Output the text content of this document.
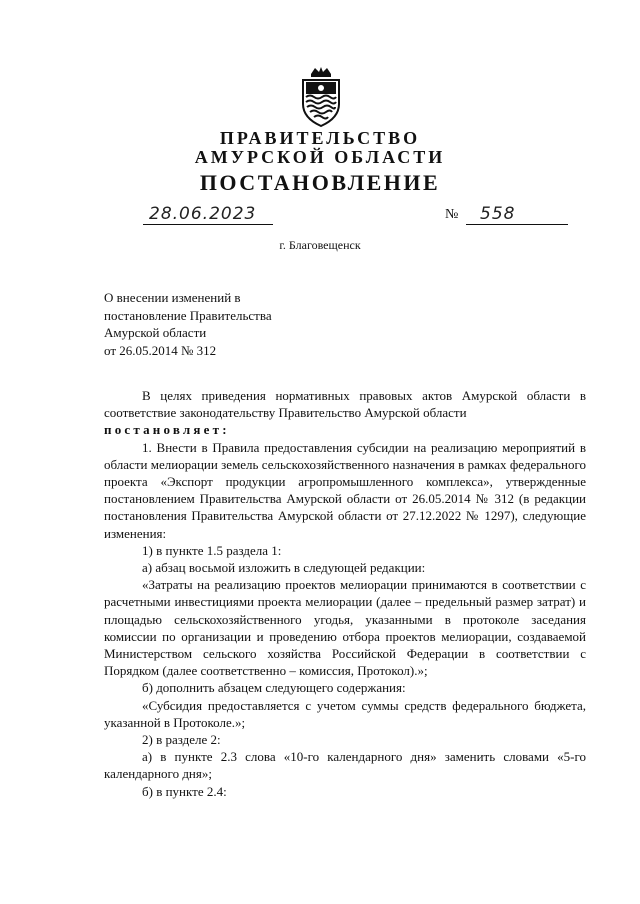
ПРАВИТЕЛЬСТВО
АМУРСКОЙ ОБЛАСТИ
ПОСТАНОВЛЕНИЕ
28.06.2023	№ 558
г. Благовещенск
О внесении изменений в
постановление Правительства
Амурской области
от 26.05.2014 № 312

В целях приведения нормативных правовых актов Амурской области в соответствие законодательству Правительство Амурской области

постановляет:

1. Внести в Правила предоставления субсидии на реализацию мероприятий в области мелиорации земель сельскохозяйственного назначения в рамках федерального проекта «Экспорт продукции агропромышленного комплекса», утвержденные постановлением Правительства Амурской области от 26.05.2014 № 312 (в редакции постановления Правительства Амурской области от 27.12.2022 № 1297), следующие изменения:

1) в пункте 1.5 раздела 1:

а) абзац восьмой изложить в следующей редакции:

«Затраты на реализацию проектов мелиорации принимаются в соответствии с расчетными инвестициями проекта мелиорации (далее – предельный размер затрат) и площадью сельскохозяйственного угодья, указанными в протоколе заседания комиссии по организации и проведению отбора проектов мелиорации, создаваемой Министерством сельского хозяйства Российской Федерации в соответствии с Порядком (далее соответственно – комиссия, Протокол).»;

б) дополнить абзацем следующего содержания:

«Субсидия предоставляется с учетом суммы средств федерального бюджета, указанной в Протоколе.»;

2) в разделе 2:

а) в пункте 2.3 слова «10-го календарного дня» заменить словами «5-го календарного дня»;

б) в пункте 2.4:
